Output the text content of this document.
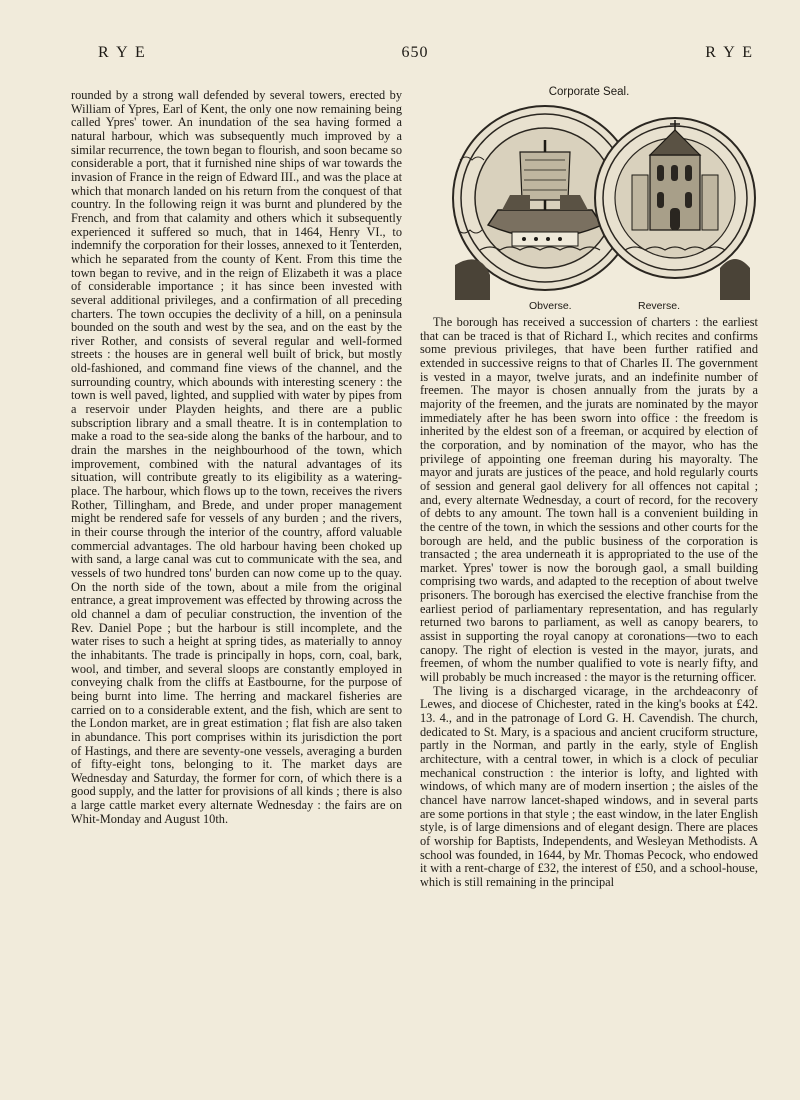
R Y E	650	R Y E

rounded by a strong wall defended by several towers, erected by William of Ypres, Earl of Kent, the only one now remaining being called Ypres' tower. An inundation of the sea having formed a natural harbour, which was subsequently much improved by a similar recurrence, the town began to flourish, and soon became so considerable a port, that it furnished nine ships of war towards the invasion of France in the reign of Edward III., and was the place at which that monarch landed on his return from the conquest of that country. In the following reign it was burnt and plundered by the French, and from that calamity and others which it subsequently experienced it suffered so much, that in 1464, Henry VI., to indemnify the corporation for their losses, annexed to it Tenterden, which he separated from the county of Kent. From this time the town began to revive, and in the reign of Elizabeth it was a place of considerable importance ; it has since been invested with several additional privileges, and a confirmation of all preceding charters. The town occupies the declivity of a hill, on a peninsula bounded on the south and west by the sea, and on the east by the river Rother, and consists of several regular and well-formed streets : the houses are in general well built of brick, but mostly old-fashioned, and command fine views of the channel, and the surrounding country, which abounds with interesting scenery : the town is well paved, lighted, and supplied with water by pipes from a reservoir under Playden heights, and there are a public subscription library and a small theatre. It is in contemplation to make a road to the sea-side along the banks of the harbour, and to drain the marshes in the neighbourhood of the town, which improvement, combined with the natural advantages of its situation, will contribute greatly to its eligibility as a watering-place. The harbour, which flows up to the town, receives the rivers Rother, Tillingham, and Brede, and under proper management might be rendered safe for vessels of any burden ; and the rivers, in their course through the interior of the country, afford valuable commercial advantages. The old harbour having been choked up with sand, a large canal was cut to communicate with the sea, and vessels of two hundred tons' burden can now come up to the quay. On the north side of the town, about a mile from the original entrance, a great improvement was effected by throwing across the old channel a dam of peculiar construction, the invention of the Rev. Daniel Pope ; but the harbour is still incomplete, and the water rises to such a height at spring tides, as materially to annoy the inhabitants. The trade is principally in hops, corn, coal, bark, wool, and timber, and several sloops are constantly employed in conveying chalk from the cliffs at Eastbourne, for the purpose of being burnt into lime. The herring and mackarel fisheries are carried on to a considerable extent, and the fish, which are sent to the London market, are in great estimation ; flat fish are also taken in abundance. This port comprises within its jurisdiction the port of Hastings, and there are seventy-one vessels, averaging a burden of fifty-eight tons, belonging to it. The market days are Wednesday and Saturday, the former for corn, of which there is a good supply, and the latter for provisions of all kinds ; there is also a large cattle market every alternate Wednesday : the fairs are on Whit-Monday and August 10th.

Corporate Seal.
Obverse.	Reverse.

The borough has received a succession of charters : the earliest that can be traced is that of Richard I., which recites and confirms some previous privileges, that have been further ratified and extended in successive reigns to that of Charles II. The government is vested in a mayor, twelve jurats, and an indefinite number of freemen. The mayor is chosen annually from the jurats by a majority of the freemen, and the jurats are nominated by the mayor immediately after he has been sworn into office : the freedom is inherited by the eldest son of a freeman, or acquired by election of the corporation, and by nomination of the mayor, who has the privilege of appointing one freeman during his mayoralty. The mayor and jurats are justices of the peace, and hold regularly courts of session and general gaol delivery for all offences not capital ; and, every alternate Wednesday, a court of record, for the recovery of debts to any amount. The town hall is a convenient building in the centre of the town, in which the sessions and other courts for the borough are held, and the public business of the corporation is transacted ; the area underneath it is appropriated to the use of the market. Ypres' tower is now the borough gaol, a small building comprising two wards, and adapted to the reception of about twelve prisoners. The borough has exercised the elective franchise from the earliest period of parliamentary representation, and has regularly returned two barons to parliament, as well as canopy bearers, to assist in supporting the royal canopy at coronations—two to each canopy. The right of election is vested in the mayor, jurats, and freemen, of whom the number qualified to vote is nearly fifty, and will probably be much increased : the mayor is the returning officer.

The living is a discharged vicarage, in the archdeaconry of Lewes, and diocese of Chichester, rated in the king's books at £42. 13. 4., and in the patronage of Lord G. H. Cavendish. The church, dedicated to St. Mary, is a spacious and ancient cruciform structure, partly in the Norman, and partly in the early, style of English architecture, with a central tower, in which is a clock of peculiar mechanical construction : the interior is lofty, and lighted with windows, of which many are of modern insertion ; the aisles of the chancel have narrow lancet-shaped windows, and in several parts are some portions in that style ; the east window, in the later English style, is of large dimensions and of elegant design. There are places of worship for Baptists, Independents, and Wesleyan Methodists. A school was founded, in 1644, by Mr. Thomas Pecock, who endowed it with a rent-charge of £32, the interest of £50, and a school-house, which is still remaining in the principal
